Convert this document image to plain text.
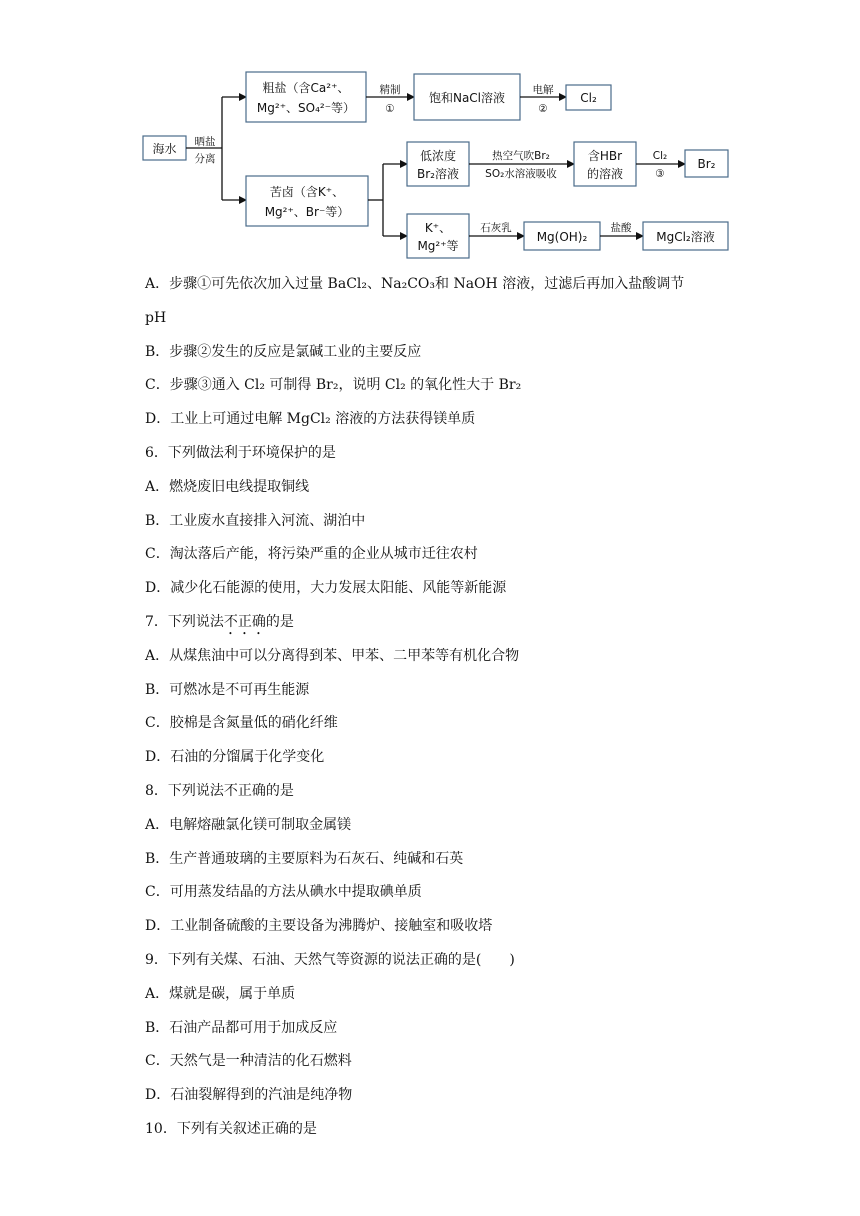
海水 晒盐
分离
粗盐（含Ca²⁺、
Mg²⁺、SO₄²⁻等）
精制
①
饱和NaCl溶液
电解
②
Cl₂
苦卤（含K⁺、
Mg²⁺、Br⁻等）
低浓度
Br₂溶液
热空气吹Br₂
SO₂水溶液吸收
含HBr
的溶液
Cl₂
③
Br₂
K⁺、
Mg²⁺等
石灰乳
Mg(OH)₂
盐酸
MgCl₂溶液
A．步骤①可先依次加入过量 BaCl₂、Na₂CO₃和 NaOH 溶液，过滤后再加入盐酸调节
pH
B．步骤②发生的反应是氯碱工业的主要反应
C．步骤③通入 Cl₂ 可制得 Br₂，说明 Cl₂ 的氧化性大于 Br₂
D．工业上可通过电解 MgCl₂ 溶液的方法获得镁单质
6．下列做法利于环境保护的是
A．燃烧废旧电线提取铜线
B．工业废水直接排入河流、湖泊中
C．淘汰落后产能，将污染严重的企业从城市迁往农村
D．减少化石能源的使用，大力发展太阳能、风能等新能源
7．下列说法不正确的是
A．从煤焦油中可以分离得到苯、甲苯、二甲苯等有机化合物
B．可燃冰是不可再生能源
C．胶棉是含氮量低的硝化纤维
D．石油的分馏属于化学变化
8．下列说法不正确的是
A．电解熔融氯化镁可制取金属镁
B．生产普通玻璃的主要原料为石灰石、纯碱和石英
C．可用蒸发结晶的方法从碘水中提取碘单质
D．工业制备硫酸的主要设备为沸腾炉、接触室和吸收塔
9．下列有关煤、石油、天然气等资源的说法正确的是(　　)
A．煤就是碳，属于单质
B．石油产品都可用于加成反应
C．天然气是一种清洁的化石燃料
D．石油裂解得到的汽油是纯净物
10．下列有关叙述正确的是
